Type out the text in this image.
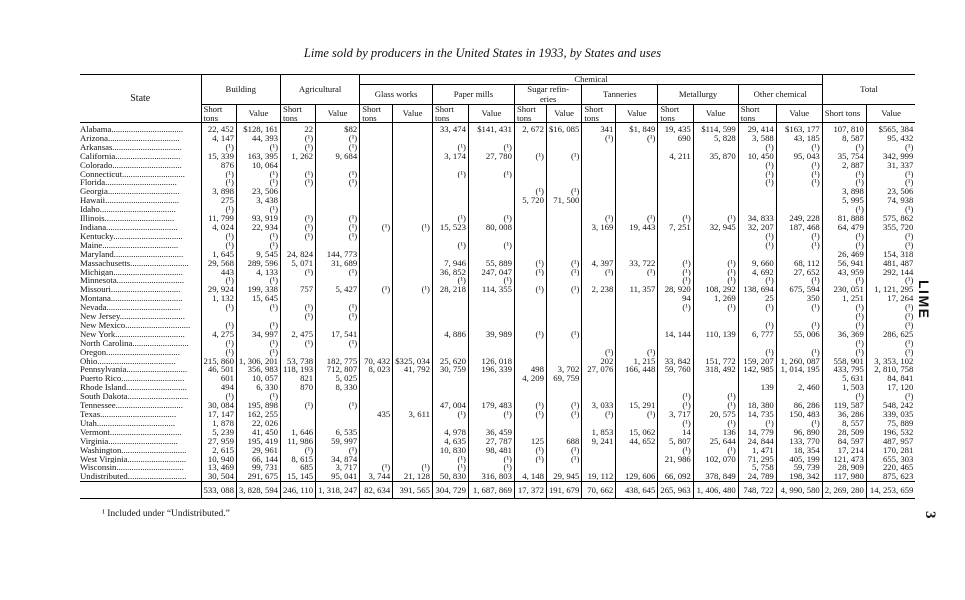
Lime sold by producers in the United States in 1933, by States and uses
State	Building		Agricultural		Chemical												Total	
					Glass works		Paper mills		Sugar refin-
eries		Tanneries		Metallurgy		Other chemical			
	Short tons	Value	Short tons	Value	Short tons	Value	Short tons	Value	Short tons	Value	Short tons	Value	Short tons	Value	Short tons	Value	Short tons	Value
Alabama.................................	22, 452	$128, 161	22	$82			33, 474	$141, 431	2, 672	$16, 085	341	$1, 849	19, 435	$114, 599	29, 414	$163, 177	107, 810	$565, 384
Arizona.................................	4, 147	44, 393	(¹)	(¹)							(¹)	(¹)	690	5, 828	3, 588	43, 185	8, 587	95, 432
Arkansas................................	(¹)	(¹)	(¹)	(¹)			(¹)	(¹)							(¹)	(¹)	(¹)	(¹)
California..............................	15, 339	163, 395	1, 262	9, 684			3, 174	27, 780	(¹)	(¹)			4, 211	35, 870	10, 450	95, 043	35, 754	342, 999
Colorado................................	876	10, 064													(¹)	(¹)	2, 887	31, 337
Connecticut.............................	(¹)	(¹)	(¹)	(¹)			(¹)	(¹)							(¹)	(¹)	(¹)	(¹)
Florida.................................	(¹)	(¹)	(¹)	(¹)											(¹)	(¹)	(¹)	(¹)
Georgia.................................	3, 898	23, 506							(¹)	(¹)							3, 898	23, 506
Hawaii..................................	275	3, 438							5, 720	71, 500							5, 995	74, 938
Idaho...................................	(¹)	(¹)															(¹)	(¹)
Illinois................................	11, 799	93, 919	(¹)	(¹)			(¹)	(¹)			(¹)	(¹)	(¹)	(¹)	34, 833	249, 228	81, 888	575, 862
Indiana.................................	4, 024	22, 934	(¹)	(¹)	(¹)	(¹)	15, 523	80, 008			3, 169	19, 443	7, 251	32, 945	32, 207	187, 468	64, 479	355, 720
Kentucky................................	(¹)	(¹)	(¹)	(¹)											(¹)	(¹)	(¹)	(¹)
Maine...................................	(¹)	(¹)					(¹)	(¹)							(¹)	(¹)	(¹)	(¹)
Maryland................................	1, 645	9, 545	24, 824	144, 773													26, 469	154, 318
Massachusetts...........................	29, 568	289, 596	5, 071	31, 689			7, 946	55, 889	(¹)	(¹)	4, 397	33, 722	(¹)	(¹)	9, 660	68, 112	56, 941	481, 487
Michigan................................	443	4, 133	(¹)	(¹)			36, 852	247, 047	(¹)	(¹)	(¹)	(¹)	(¹)	(¹)	4, 692	27, 652	43, 959	292, 144
Minnesota...............................	(¹)	(¹)					(¹)	(¹)					(¹)	(¹)	(¹)	(¹)	(¹)	(¹)
Missouri................................	29, 924	199, 338	757	5, 427	(¹)	(¹)	28, 218	114, 355	(¹)	(¹)	2, 238	11, 357	28, 920	108, 292	138, 694	675, 594	230, 051	1, 121, 295
Montana.................................	1, 132	15, 645											94	1, 269	25	350	1, 251	17, 264
Nevada..................................	(¹)	(¹)	(¹)	(¹)									(¹)	(¹)	(¹)	(¹)	(¹)	(¹)
New Jersey..............................			(¹)	(¹)													(¹)	(¹)
New Mexico..............................	(¹)	(¹)													(¹)	(¹)	(¹)	(¹)
New York................................	4, 275	34, 997	2, 475	17, 541			4, 886	39, 989	(¹)	(¹)			14, 144	110, 139	6, 777	55, 006	36, 369	286, 625
North Carolina..........................	(¹)	(¹)	(¹)	(¹)													(¹)	(¹)
Oregon..................................	(¹)	(¹)									(¹)	(¹)			(¹)	(¹)	(¹)	(¹)
Ohio....................................	215, 860	1, 306, 201	53, 738	182, 775	70, 432	$325, 034	25, 620	126, 018			202	1, 215	33, 842	151, 772	159, 207	1, 260, 087	558, 901	3, 353, 102
Pennsylvania............................	46, 501	356, 983	118, 193	712, 807	8, 023	41, 792	30, 759	196, 339	498	3, 702	27, 076	166, 448	59, 760	318, 492	142, 985	1, 014, 195	433, 795	2, 810, 758
Puerto Rico.............................	601	10, 057	821	5, 025					4, 209	69, 759							5, 631	84, 841
Rhode Island............................	494	6, 330	870	8, 330											139	2, 460	1, 503	17, 120
South Dakota............................	(¹)	(¹)											(¹)	(¹)			(¹)	(¹)
Tennessee...............................	30, 084	195, 898	(¹)	(¹)			47, 004	179, 483	(¹)	(¹)	3, 033	15, 291	(¹)	(¹)	18, 380	86, 286	119, 587	548, 242
Texas...................................	17, 147	162, 255			435	3, 611	(¹)	(¹)	(¹)	(¹)	(¹)	(¹)	3, 717	20, 575	14, 735	150, 483	36, 286	339, 035
Utah....................................	1, 878	22, 026											(¹)	(¹)	(¹)	(¹)	8, 557	75, 889
Vermont.................................	5, 239	41, 450	1, 646	6, 535			4, 978	36, 459			1, 853	15, 062	14	136	14, 779	96, 890	28, 509	196, 532
Virginia................................	27, 959	195, 419	11, 986	59, 997			4, 635	27, 787	125	688	9, 241	44, 652	5, 807	25, 644	24, 844	133, 770	84, 597	487, 957
Washington..............................	2, 615	29, 961	(¹)	(¹)			10, 830	98, 481	(¹)	(¹)			(¹)	(¹)	1, 471	18, 354	17, 214	170, 281
West Virginia...........................	10, 940	66, 144	8, 615	34, 874			(¹)	(¹)	(¹)	(¹)			21, 986	102, 070	71, 295	405, 199	121, 473	655, 303
Wisconsin...............................	13, 469	99, 731	685	3, 717	(¹)	(¹)	(¹)	(¹)							5, 758	59, 739	28, 909	220, 465
Undistributed...........................	30, 504	291, 675	15, 145	95, 041	3, 744	21, 128	50, 830	316, 803	4, 148	29, 945	19, 112	129, 606	66, 092	378, 849	24, 789	198, 342	117, 980	875, 623
	533, 088	3, 828, 594	246, 110	1, 318, 247	82, 634	391, 565	304, 729	1, 687, 869	17, 372	191, 679	70, 662	438, 645	265, 963	1, 406, 480	748, 722	4, 990, 580	2, 269, 280	14, 253, 659
¹ Included under “Undistributed.”
LIME
3
